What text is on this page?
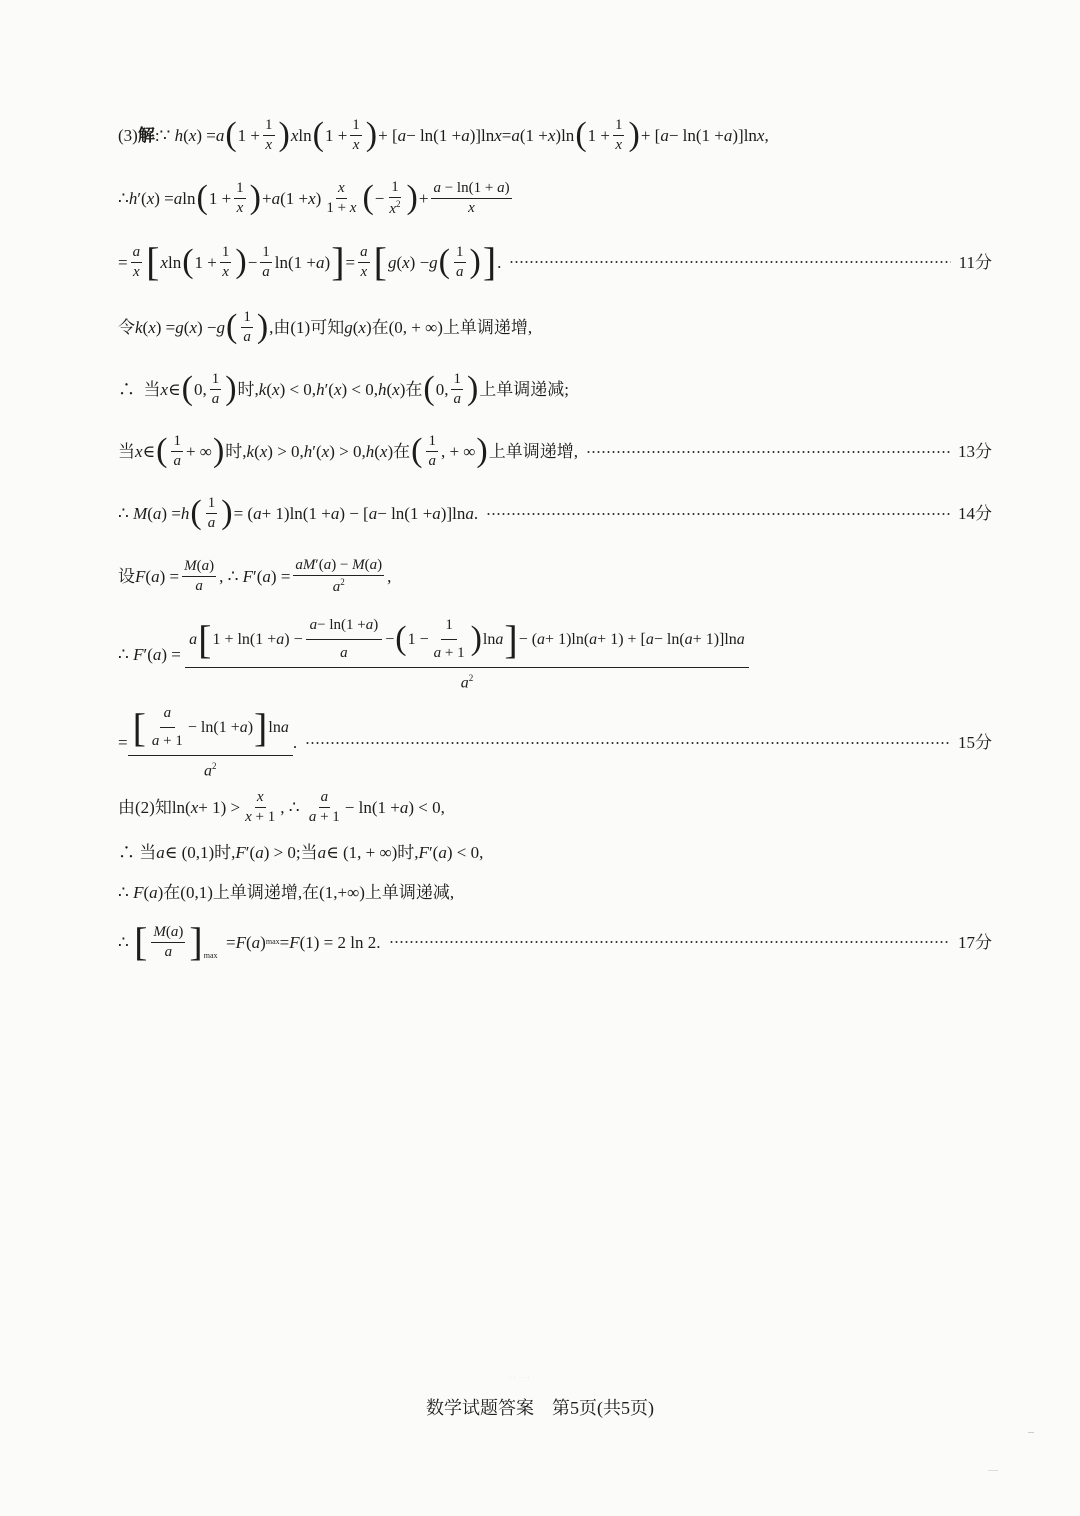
(3) 解 :∵ h ( x ) = a ( $1 + \frac{1}{x}$ ) x ln ( $1 + \frac{1}{x}$ ) + [ a − ln(1 + a )]ln x = a (1 + x )ln ( $1 + \frac{1}{x}$ ) + [ a − ln(1 + a )]ln x ,
∴ h ′( x ) = a ln ( $1 + \frac{1}{x}$ ) + a (1 + x ) $\frac{x}{1 + x}$ ( − $\frac{1}{x^2}$ ) + $\frac{a - \ln(1 + a)}{x}$
= $\frac{a}{x}$ [ x ln ( $1 + \frac{1}{x}$ ) − $\frac{1}{a} \ln(1 + a$ ) ] = $\frac{a}{x}$ [ g ( x ) − g ( $\frac{1}{a}$ ) ] .	11分
令 k ( x ) = g ( x ) − g ( $\frac{1}{a}$ ) ,由(1)可知 g ( x )在(0, + ∞)上单调递增,
∴  当 x ∈ ( 0, $\frac{1}{a}$ ) 时, k ( x ) < 0, h ′( x ) < 0, h ( x )在 ( 0, $\frac{1}{a}$ ) 上单调递减;
当 x ∈ ( $\frac{1}{a}$ + ∞ ) 时, k ( x ) > 0, h ′( x ) > 0, h ( x )在 ( $\frac{1}{a}$ , + ∞ ) 上单调递增,	13分
∴ M ( a ) = h ( $\frac{1}{a}$ ) = ( a + 1)ln(1 + a ) − [ a − ln(1 + a )]ln a .	14分
设 F ( a ) = $\frac{M(a)}{a}$ , ∴ F ′( a ) = $\frac{aM'(a) - M(a)}{a^2}$ ,
∴ F ′( a ) =
a [ 1 + ln(1 + a ) − $\frac{a - \ln(1 + a )}{a}$ − ( $1 - \frac{1}{a + 1}$ ) ln a ] − ( a + 1)ln( a + 1) + [ a − ln( a + 1)]ln a
$a^2$
= $\frac{[ \frac{a}{a + 1} - \ln(1 + a ) ] \ln a}{a^2}$ .	15分
由(2)知ln( $x + 1) > \frac{x}{x + 1}$ , ∴ $\frac{a}{a + 1} - \ln(1 + a$ ) < 0,
∴ 当 a ∈ (0,1)时, F ′( a ) > 0;当 a ∈ (1, + ∞)时, F ′( a ) < 0,
∴ F ( a )在(0,1)上单调递增,在(1,+∞)上单调递减,
∴ [ $\frac{M(a)}{a} ]_{max}$
= F ( a ) max = F (1) = 2 ln 2.	17分
·· ···
数学试题答案　第5页(共5页)
